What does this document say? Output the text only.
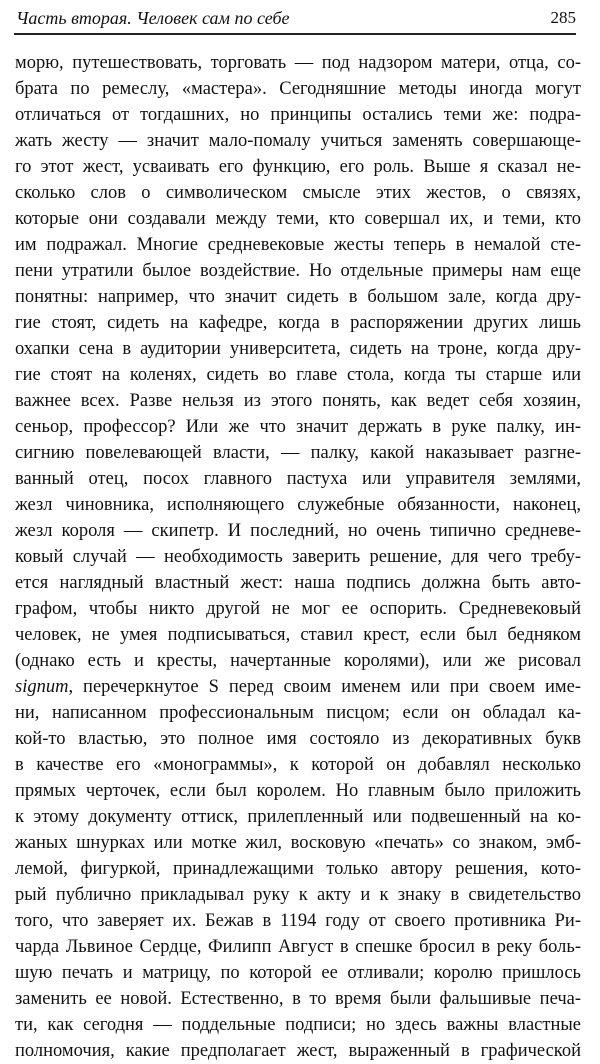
Часть вторая. Человек сам по себе	285
морю, путешествовать, торговать — под надзором матери, отца, со-
брата по ремеслу, «мастера». Сегодняшние методы иногда могут
отличаться от тогдашних, но принципы остались теми же: подра-
жать жесту — значит мало-помалу учиться заменять совершающе-
го этот жест, усваивать его функцию, его роль. Выше я сказал не-
сколько слов о символическом смысле этих жестов, о связях,
которые они создавали между теми, кто совершал их, и теми, кто
им подражал. Многие средневековые жесты теперь в немалой сте-
пени утратили былое воздействие. Но отдельные примеры нам еще
понятны: например, что значит сидеть в большом зале, когда дру-
гие стоят, сидеть на кафедре, когда в распоряжении других лишь
охапки сена в аудитории университета, сидеть на троне, когда дру-
гие стоят на коленях, сидеть во главе стола, когда ты старше или
важнее всех. Разве нельзя из этого понять, как ведет себя хозяин,
сеньор, профессор? Или же что значит держать в руке палку, ин-
сигнию повелевающей власти, — палку, какой наказывает разгне-
ванный отец, посох главного пастуха или управителя землями,
жезл чиновника, исполняющего служебные обязанности, наконец,
жезл короля — скипетр. И последний, но очень типично средневе-
ковый случай — необходимость заверить решение, для чего требу-
ется наглядный властный жест: наша подпись должна быть авто-
графом, чтобы никто другой не мог ее оспорить. Средневековый
человек, не умея подписываться, ставил крест, если был бедняком
(однако есть и кресты, начертанные королями), или же рисовал
signum, перечеркнутое S перед своим именем или при своем име-
ни, написанном профессиональным писцом; если он обладал ка-
кой-то властью, это полное имя состояло из декоративных букв
в качестве его «монограммы», к которой он добавлял несколько
прямых черточек, если был королем. Но главным было приложить
к этому документу оттиск, прилепленный или подвешенный на ко-
жаных шнурках или мотке жил, восковую «печать» со знаком, эмб-
лемой, фигуркой, принадлежащими только автору решения, кото-
рый публично прикладывал руку к акту и к знаку в свидетельство
того, что заверяет их. Бежав в 1194 году от своего противника Ри-
чарда Львиное Сердце, Филипп Август в спешке бросил в реку боль-
шую печать и матрицу, по которой ее отливали; королю пришлось
заменить ее новой. Естественно, в то время были фальшивые печа-
ти, как сегодня — поддельные подписи; но здесь важны властные
полномочия, какие предполагает жест, выраженный в графической
